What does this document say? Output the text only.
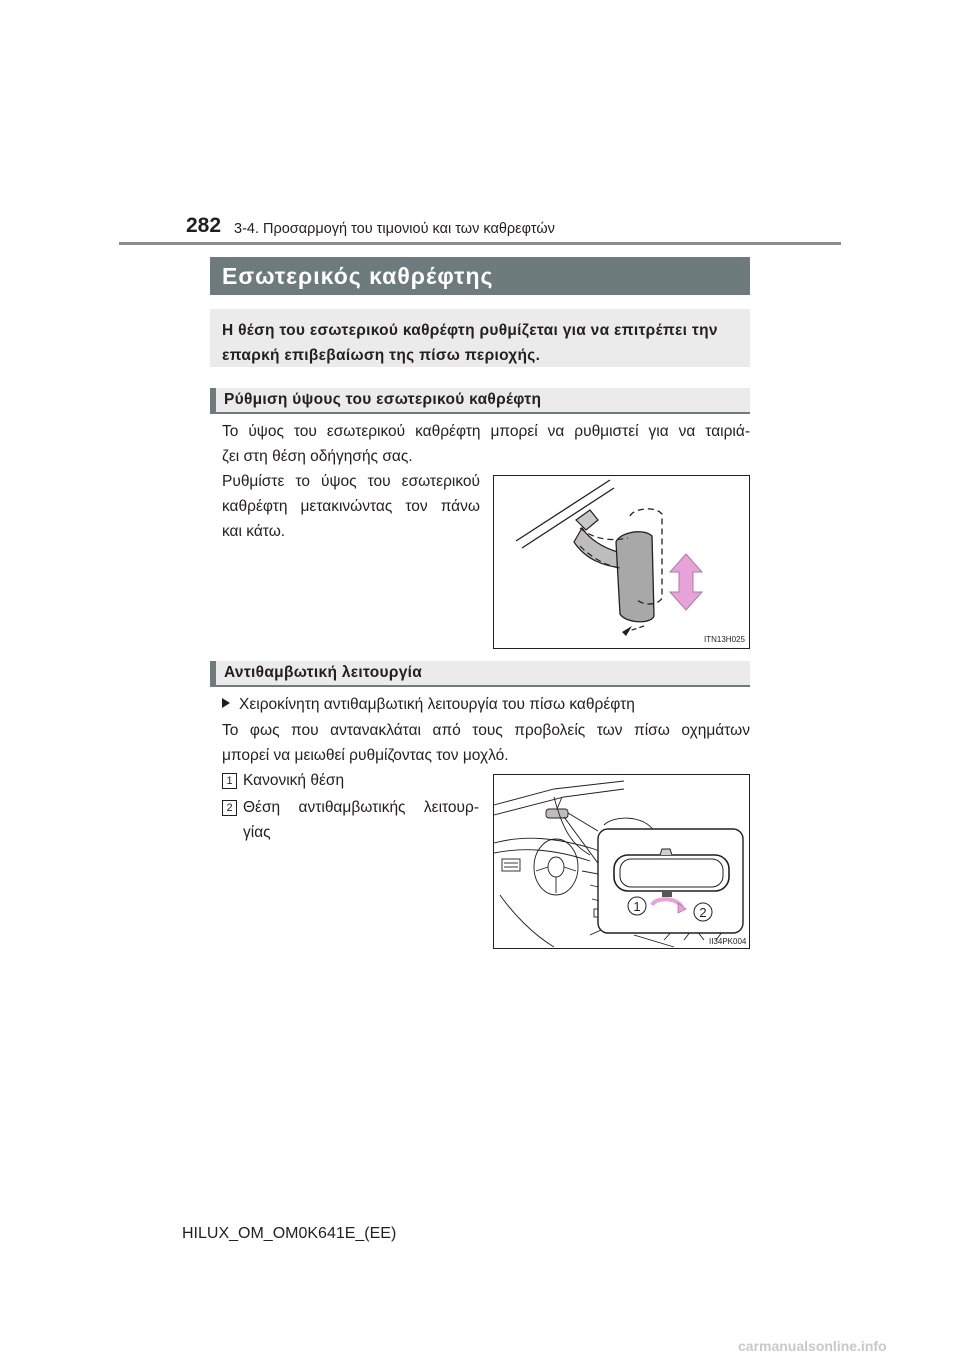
282 3-4. Προσαρμογή του τιμονιού και των καθρεφτών
Εσωτερικός καθρέφτης
Η θέση του εσωτερικού καθρέφτη ρυθμίζεται για να επιτρέπει την
επαρκή επιβεβαίωση της πίσω περιοχής.
Ρύθμιση ύψους του εσωτερικού καθρέφτη
Το ύψος του εσωτερικού καθρέφτη μπορεί να ρυθμιστεί για να ταιριά-
ζει στη θέση οδήγησής σας.
Ρυθμίστε το ύψος του εσωτερικού
καθρέφτη μετακινώντας τον πάνω
και κάτω.
ITN13H025
Αντιθαμβωτική λειτουργία
Χειροκίνητη αντιθαμβωτική λειτουργία του πίσω καθρέφτη
Το φως που αντανακλάται από τους προβολείς των πίσω οχημάτων
μπορεί να μειωθεί ρυθμίζοντας τον μοχλό.
1 Κανονική θέση
2 Θέση αντιθαμβωτικής λειτουρ-
γίας
1	2
II34PK004
HILUX_OM_OM0K641E_(EE)
carmanualsonline.info
